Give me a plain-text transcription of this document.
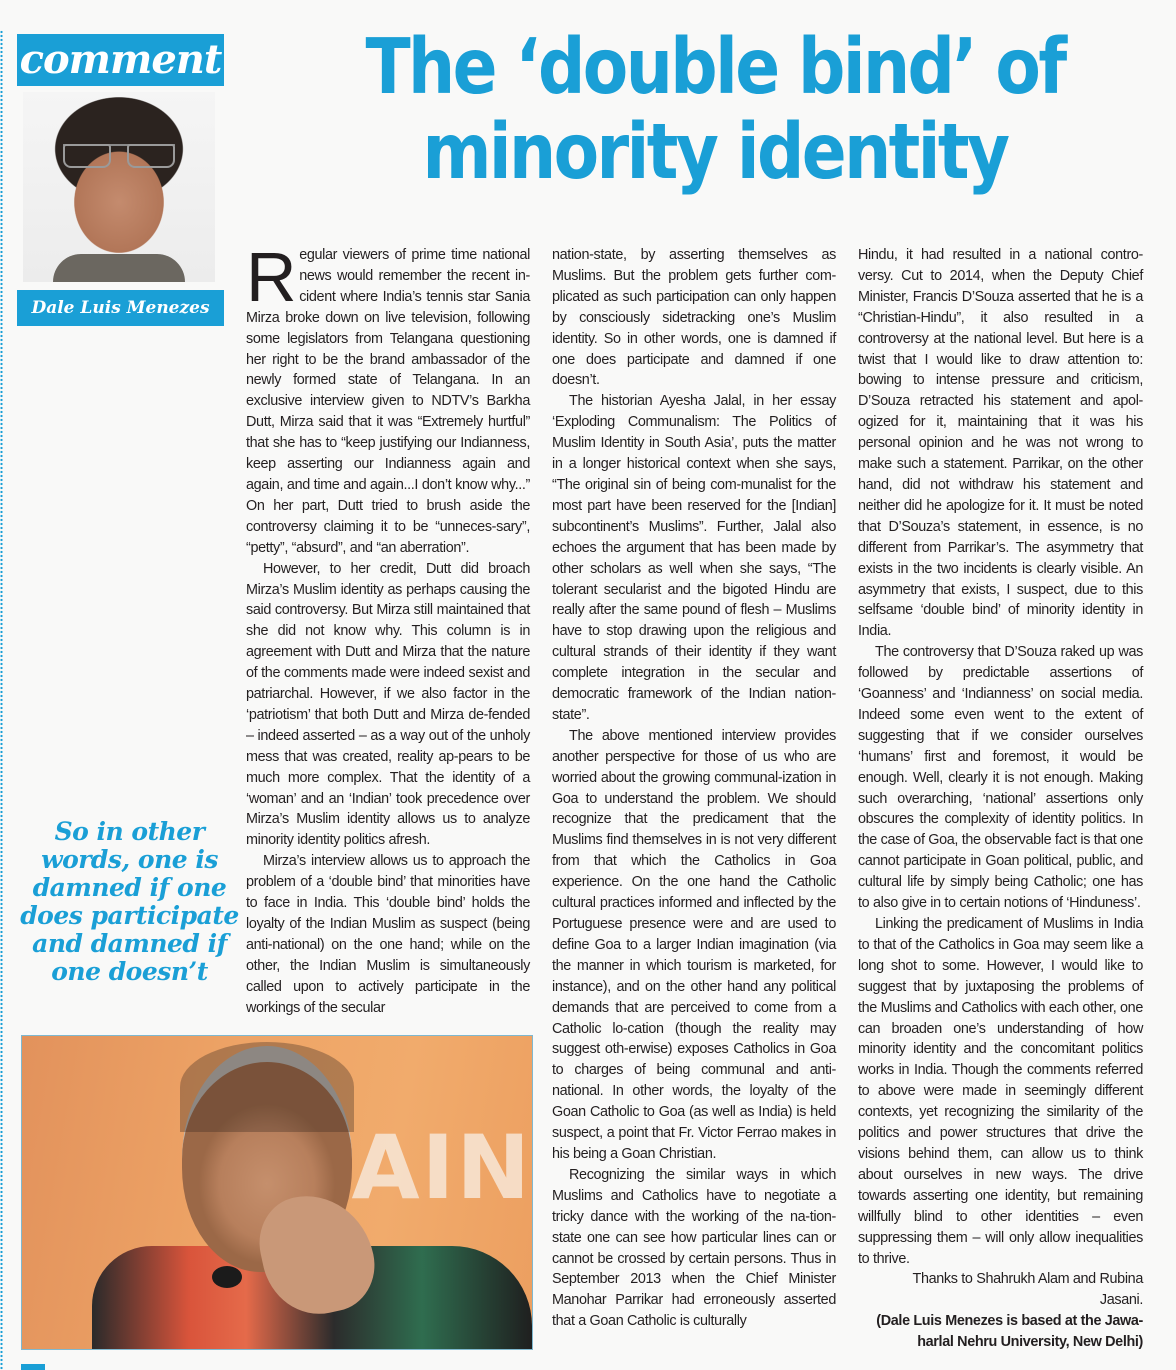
comment
Dale Luis Menezes
The ‘double bind’ of
minority identity
So in other words, one is damned if one does participate and damned if one doesn’t
AIN

Regular viewers of prime time national news would remember the recent in-cident where India’s tennis star Sania Mirza broke down on live television, following some legislators from Telangana questioning her right to be the brand ambassador of the newly formed state of Telangana. In an exclusive interview given to NDTV’s Barkha Dutt, Mirza said that it was “Extremely hurtful” that she has to “keep justifying our Indianness, keep asserting our Indianness again and again, and time and again...I don’t know why...” On her part, Dutt tried to brush aside the controversy claiming it to be “unneces-sary”, “petty”, “absurd”, and “an aberration”.

However, to her credit, Dutt did broach Mirza’s Muslim identity as perhaps causing the said controversy. But Mirza still maintained that she did not know why. This column is in agreement with Dutt and Mirza that the nature of the comments made were indeed sexist and patriarchal. However, if we also factor in the ‘patriotism’ that both Dutt and Mirza de-fended – indeed asserted – as a way out of the unholy mess that was created, reality ap-pears to be much more complex. That the identity of a ‘woman’ and an ‘Indian’ took precedence over Mirza’s Muslim identity allows us to analyze minority identity politics afresh.

Mirza’s interview allows us to approach the problem of a ‘double bind’ that minorities have to face in India. This ‘double bind’ holds the loyalty of the Indian Muslim as suspect (being anti-national) on the one hand; while on the other, the Indian Muslim is simultaneously called upon to actively participate in the workings of the secular

nation-state, by asserting themselves as Muslims. But the problem gets further com-plicated as such participation can only happen by consciously sidetracking one’s Muslim identity. So in other words, one is damned if one does participate and damned if one doesn’t.

The historian Ayesha Jalal, in her essay ‘Exploding Communalism: The Politics of Muslim Identity in South Asia’, puts the matter in a longer historical context when she says, “The original sin of being com-munalist for the most part have been reserved for the [Indian] subcontinent’s Muslims”. Further, Jalal also echoes the argument that has been made by other scholars as well when she says, “The tolerant secularist and the bigoted Hindu are really after the same pound of flesh – Muslims have to stop drawing upon the religious and cultural strands of their identity if they want complete integration in the secular and democratic framework of the Indian nation-state”.

The above mentioned interview provides another perspective for those of us who are worried about the growing communal-ization in Goa to understand the problem. We should recognize that the predicament that the Muslims find themselves in is not very different from that which the Catholics in Goa experience. On the one hand the Catholic cultural practices informed and inflected by the Portuguese presence were and are used to define Goa to a larger Indian imagination (via the manner in which tourism is marketed, for instance), and on the other hand any political demands that are perceived to come from a Catholic lo-cation (though the reality may suggest oth-erwise) exposes Catholics in Goa to charges of being communal and anti-national. In other words, the loyalty of the Goan Catholic to Goa (as well as India) is held suspect, a point that Fr. Victor Ferrao makes in his being a Goan Christian.

Recognizing the similar ways in which Muslims and Catholics have to negotiate a tricky dance with the working of the na-tion-state one can see how particular lines can or cannot be crossed by certain persons. Thus in September 2013 when the Chief Minister Manohar Parrikar had erroneously asserted that a Goan Catholic is culturally

Hindu, it had resulted in a national contro-versy. Cut to 2014, when the Deputy Chief Minister, Francis D’Souza asserted that he is a “Christian-Hindu”, it also resulted in a controversy at the national level. But here is a twist that I would like to draw attention to: bowing to intense pressure and criticism, D’Souza retracted his statement and apol-ogized for it, maintaining that it was his personal opinion and he was not wrong to make such a statement. Parrikar, on the other hand, did not withdraw his statement and neither did he apologize for it. It must be noted that D’Souza’s statement, in essence, is no different from Parrikar’s. The asymmetry that exists in the two incidents is clearly visible. An asymmetry that exists, I suspect, due to this selfsame ‘double bind’ of minority identity in India.

The controversy that D’Souza raked up was followed by predictable assertions of ‘Goanness’ and ‘Indianness’ on social media. Indeed some even went to the extent of suggesting that if we consider ourselves ‘humans’ first and foremost, it would be enough. Well, clearly it is not enough. Making such overarching, ‘national’ assertions only obscures the complexity of identity politics. In the case of Goa, the observable fact is that one cannot participate in Goan political, public, and cultural life by simply being Catholic; one has to also give in to certain notions of ‘Hinduness’.

Linking the predicament of Muslims in India to that of the Catholics in Goa may seem like a long shot to some. However, I would like to suggest that by juxtaposing the problems of the Muslims and Catholics with each other, one can broaden one’s understanding of how minority identity and the concomitant politics works in India. Though the comments referred to above were made in seemingly different contexts, yet recognizing the similarity of the politics and power structures that drive the visions behind them, can allow us to think about ourselves in new ways. The drive towards asserting one identity, but remaining willfully blind to other identities – even suppressing them – will only allow inequalities to thrive.

Thanks to Shahrukh Alam and Rubina Jasani.

(Dale Luis Menezes is based at the Jawa-harlal Nehru University, New Delhi)
